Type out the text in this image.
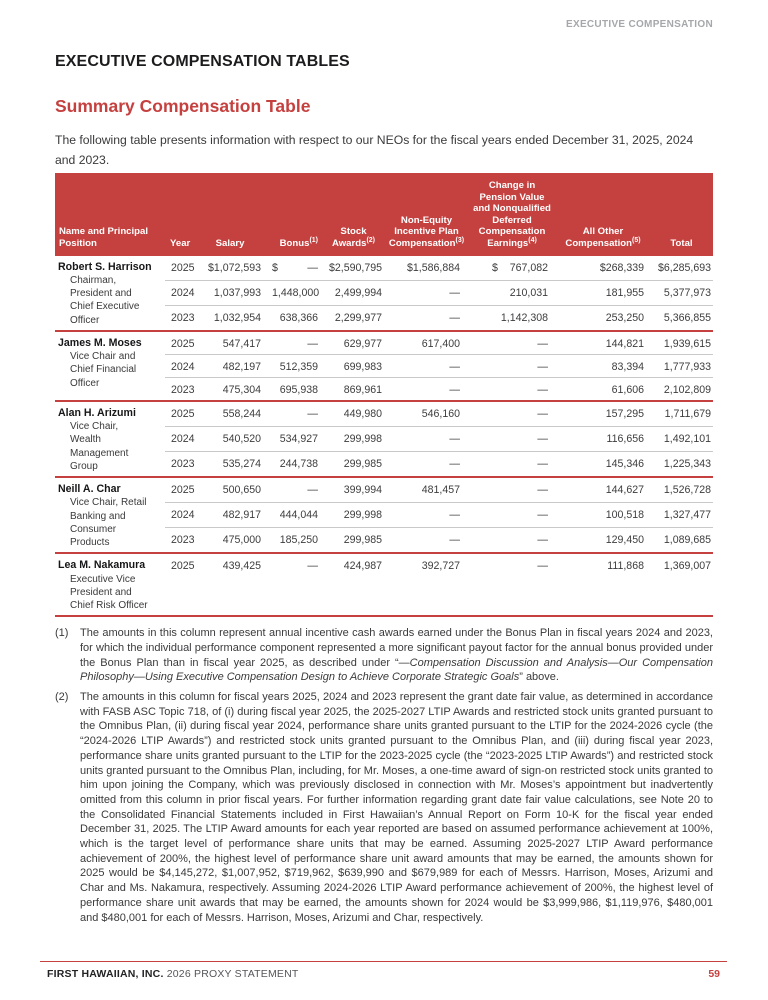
EXECUTIVE COMPENSATION
EXECUTIVE COMPENSATION TABLES
Summary Compensation Table

The following table presents information with respect to our NEOs for the fiscal years ended December 31, 2025, 2024 and 2023.

Name and Principal Position	Year	Salary	Bonus$^{(1)}$	Stock Awards$^{(2)}$	Non-Equity Incentive Plan Compensation$^{(3)}$	Change in Pension Value and Nonqualified Deferred Compensation Earnings$^{(4)}$	All Other Compensation$^{(5)}$	Total

Robert S. Harrison
Chairman,
President and
Chief Executive
Officer
	2025	$1,072,593	$	—	$2,590,795	$1,586,884	$ 767,082	$268,339	$6,285,693
	2024	1,037,993	1,448,000	2,499,994	—	210,031	181,955	5,377,973
	2023	1,032,954	638,366	2,299,977	—	1,142,308	253,250	5,366,855

James M. Moses
Vice Chair and
Chief Financial
Officer	2025	547,417	—	629,977	617,400	—	144,821	1,939,615
	2024	482,197	512,359	699,983	—	—	83,394	1,777,933
	2023	475,304	695,938	869,961	—	—	61,606	2,102,809

Alan H. Arizumi
Vice Chair,
Wealth
Management
Group	2025	558,244	—	449,980	546,160	—	157,295	1,711,679
	2024	540,520	534,927	299,998	—	—	116,656	1,492,101
	2023	535,274	244,738	299,985	—	—	145,346	1,225,343

Neill A. Char
Vice Chair, Retail
Banking and
Consumer
Products	2025	500,650	—	399,994	481,457	—	144,627	1,526,728
	2024	482,917	444,044	299,998	—	—	100,518	1,327,477
	2023	475,000	185,250	299,985	—	—	129,450	1,089,685

Lea M. Nakamura
Executive Vice
President and
Chief Risk Officer	2025	439,425	—	424,987	392,727	—	111,868	1,369,007
(1)	The amounts in this column represent annual incentive cash awards earned under the Bonus Plan in fiscal years 2024 and 2023, for which the individual performance component represented a more significant payout factor for the annual bonus provided under the Bonus Plan than in fiscal year 2025, as described under “—Compensation Discussion and Analysis—Our Compensation Philosophy—Using Executive Compensation Design to Achieve Corporate Strategic Goals” above.
(2)	The amounts in this column for fiscal years 2025, 2024 and 2023 represent the grant date fair value, as determined in accordance with FASB ASC Topic 718, of (i) during fiscal year 2025, the 2025-2027 LTIP Awards and restricted stock units granted pursuant to the Omnibus Plan, (ii) during fiscal year 2024, performance share units granted pursuant to the LTIP for the 2024-2026 cycle (the “2024-2026 LTIP Awards”) and restricted stock units granted pursuant to the Omnibus Plan, and (iii) during fiscal year 2023, performance share units granted pursuant to the LTIP for the 2023-2025 cycle (the “2023-2025 LTIP Awards”) and restricted stock units granted pursuant to the Omnibus Plan, including, for Mr. Moses, a one-time award of sign-on restricted stock units granted to him upon joining the Company, which was previously disclosed in connection with Mr. Moses’s appointment but inadvertently omitted from this column in prior fiscal years. For further information regarding grant date fair value calculations, see Note 20 to the Consolidated Financial Statements included in First Hawaiian’s Annual Report on Form 10-K for the fiscal year ended December 31, 2025. The LTIP Award amounts for each year reported are based on assumed performance achievement at 100%, which is the target level of performance share units that may be earned. Assuming 2025-2027 LTIP Award performance achievement of 200%, the highest level of performance share unit award amounts that may be earned, the amounts shown for 2025 would be $4,145,272, $1,007,952, $719,962, $639,990 and $679,989 for each of Messrs. Harrison, Moses, Arizumi and Char and Ms. Nakamura, respectively. Assuming 2024-2026 LTIP Award performance achievement of 200%, the highest level of performance share unit awards that may be earned, the amounts shown for 2024 would be $3,999,986, $1,119,976, $480,001 and $480,001 for each of Messrs. Harrison, Moses, Arizumi and Char, respectively.
FIRST HAWAIIAN, INC. 2026 PROXY STATEMENT	59
